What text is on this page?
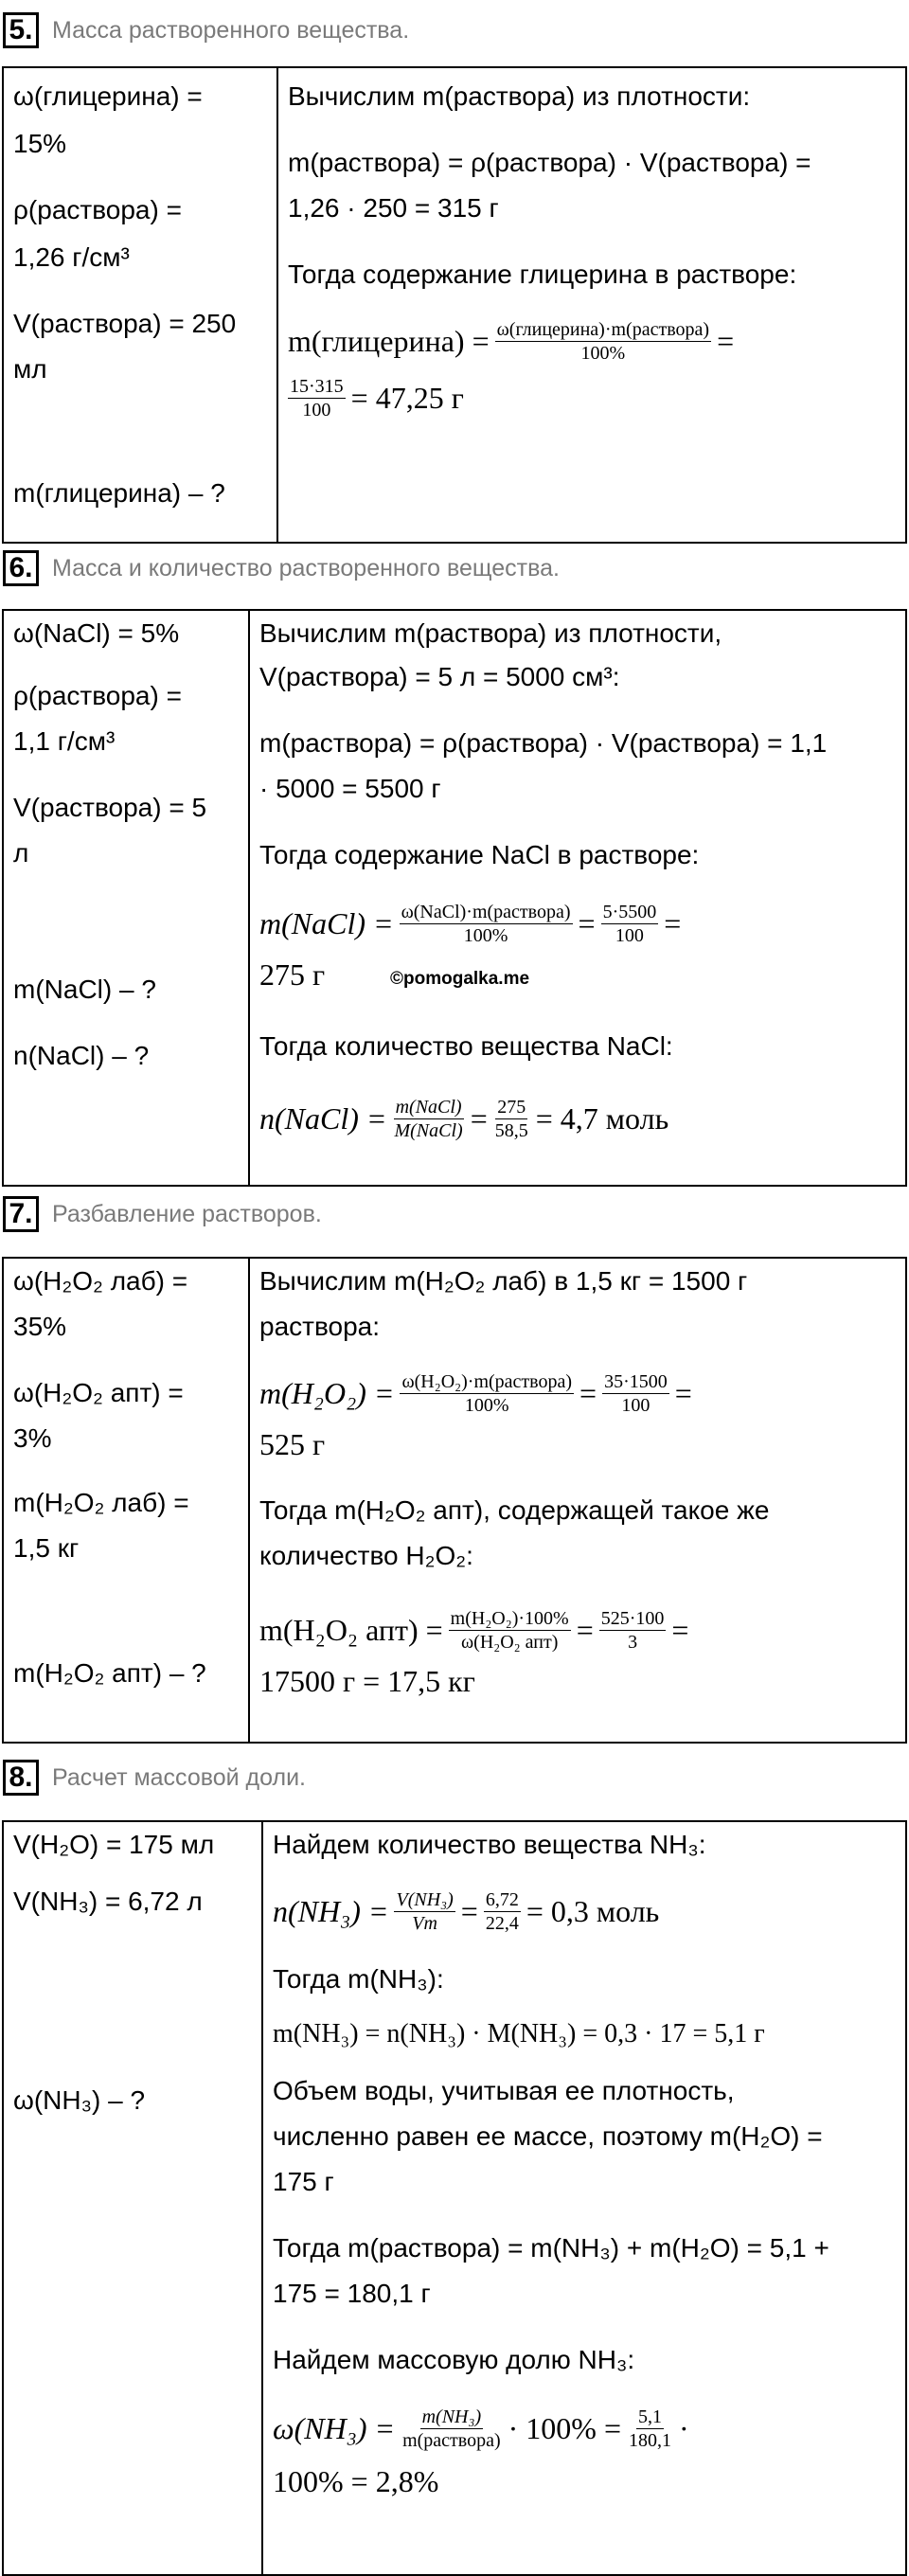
5. Масса растворенного вещества.
ω(глицерина) =
15%
ρ(раствора) =
1,26 г/см³
V(раствора) = 250
мл
m(глицерина) – ?

Вычислим m(раствора) из плотности:
m(раствора) = ρ(раствора) · V(раствора) =
1,26 · 250 = 315 г
Тогда содержание глицерина в растворе:
m(глицерина) = $\frac{\text{ω(глицерина)·m(раствора)}}{100\%}$ =
$\frac{15\cdot 315}{100} = 47,25$ г
6. Масса и количество растворенного вещества.
ω(NaCl) = 5%
ρ(раствора) =
1,1 г/см³
V(раствора) = 5
л
m(NaCl) – ?
n(NaCl) – ?

Вычислим m(раствора) из плотности,
V(раствора) = 5 л = 5000 см³:
m(раствора) = ρ(раствора) · V(раствора) = 1,1
· 5000 = 5500 г
Тогда содержание NaCl в растворе:
m(NaCl) = $\frac{\text{ω(NaCl)·m(раствора)}}{100\%} = \frac{5\cdot 5500}{100}$ =
275 г	©pomogalka.me
Тогда количество вещества NaCl:
n(NaCl) = $\frac{\text{m(NaCl)}}{\text{M(NaCl)}} = \frac{275}{58,5} = 4,7$ моль
7. Разбавление растворов.
ω(H₂O₂ лаб) =
35%
ω(H₂O₂ апт) =
3%
m(H₂O₂ лаб) =
1,5 кг
m(H₂O₂ апт) – ?

Вычислим m(H₂O₂ лаб) в 1,5 кг = 1500 г
раствора:
$m(H_2O_2) = \frac{\text{ω(H₂O₂)·m(раствора)}}{100\%} = \frac{35\cdot 1500}{100}$ =
525 г
Тогда m(H₂O₂ апт), содержащей такое же
количество H₂O₂:
m(H₂O₂ $апт) = \frac{\text{m(H₂O₂)·100\%}}{\text{ω(H₂O₂ апт)}} = \frac{525\cdot 100}{3}$ =
17500 г = 17,5 кг
8. Расчет массовой доли.
V(H₂O) = 175 мл
V(NH₃) = 6,72 л
ω(NH₃) – ?

Найдем количество вещества NH₃:
$n(NH_3) = \frac{\text{V(NH₃)}}{Vm} = \frac{6,72}{22,4} = 0,3$ моль
Тогда m(NH₃):
m(NH₃) = n(NH₃) · M(NH₃) = 0,3 · 17 = 5,1 г
Объем воды, учитывая ее плотность,
численно равен ее массе, поэтому m(H₂O) =
175 г
Тогда m(раствора) = m(NH₃) + m(H₂O) = 5,1 +
175 = 180,1 г
Найдем массовую долю NH₃:
$\omega(NH_3) = \frac{\text{m(NH₃)}}{\text{m(раствора)}} \cdot 100\% = \frac{5,1}{180,1}$ ·
100% = 2,8%
